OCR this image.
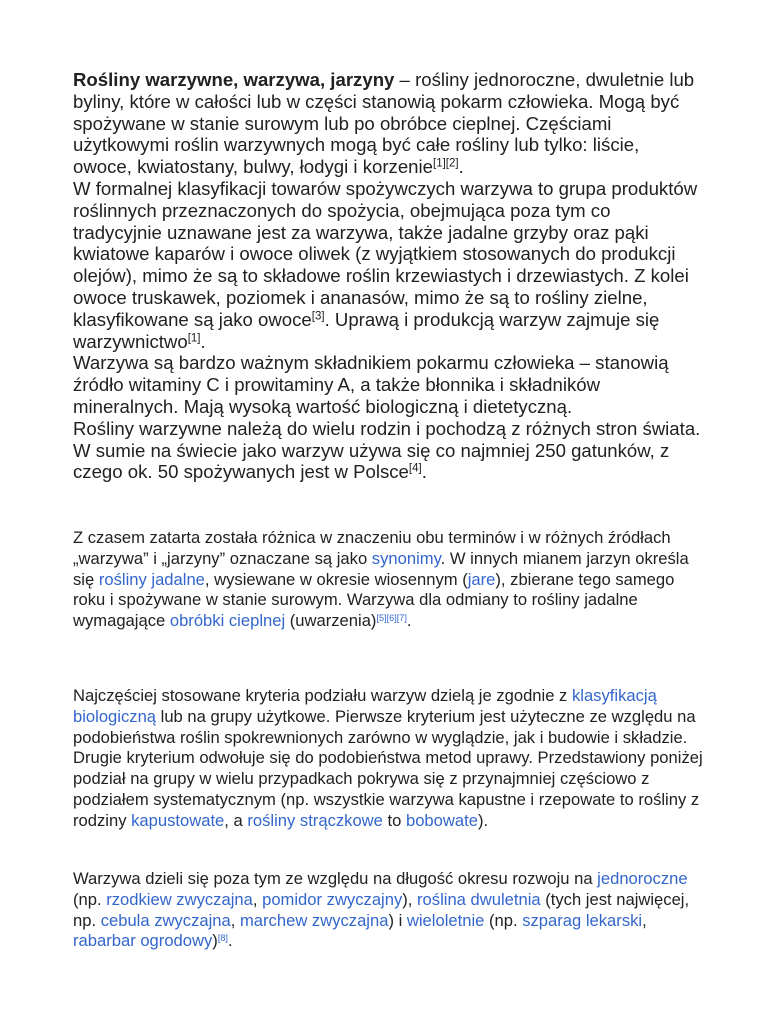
Rośliny warzywne, warzywa, jarzyny – rośliny jednoroczne, dwuletnie lub byliny, które w całości lub w części stanowią pokarm człowieka. Mogą być spożywane w stanie surowym lub po obróbce cieplnej. Częściami użytkowymi roślin warzywnych mogą być całe rośliny lub tylko: liście, owoce, kwiatostany, bulwy, łodygi i korzenie[1][2].
W formalnej klasyfikacji towarów spożywczych warzywa to grupa produktów roślinnych przeznaczonych do spożycia, obejmująca poza tym co tradycyjnie uznawane jest za warzywa, także jadalne grzyby oraz pąki kwiatowe kaparów i owoce oliwek (z wyjątkiem stosowanych do produkcji olejów), mimo że są to składowe roślin krzewiastych i drzewiastych. Z kolei owoce truskawek, poziomek i ananasów, mimo że są to rośliny zielne, klasyfikowane są jako owoce[3]. Uprawą i produkcją warzyw zajmuje się warzywnictwo[1].
Warzywa są bardzo ważnym składnikiem pokarmu człowieka – stanowią źródło witaminy C i prowitaminy A, a także błonnika i składników mineralnych. Mają wysoką wartość biologiczną i dietetyczną.
Rośliny warzywne należą do wielu rodzin i pochodzą z różnych stron świata. W sumie na świecie jako warzyw używa się co najmniej 250 gatunków, z czego ok. 50 spożywanych jest w Polsce[4].

Z czasem zatarta została różnica w znaczeniu obu terminów i w różnych źródłach „warzywa” i „jarzyny” oznaczane są jako synonimy. W innych mianem jarzyn określa się rośliny jadalne, wysiewane w okresie wiosennym (jare), zbierane tego samego roku i spożywane w stanie surowym. Warzywa dla odmiany to rośliny jadalne wymagające obróbki cieplnej (uwarzenia)[5][6][7].

Najczęściej stosowane kryteria podziału warzyw dzielą je zgodnie z klasyfikacją biologiczną lub na grupy użytkowe. Pierwsze kryterium jest użyteczne ze względu na podobieństwa roślin spokrewnionych zarówno w wyglądzie, jak i budowie i składzie. Drugie kryterium odwołuje się do podobieństwa metod uprawy. Przedstawiony poniżej podział na grupy w wielu przypadkach pokrywa się z przynajmniej częściowo z podziałem systematycznym (np. wszystkie warzywa kapustne i rzepowate to rośliny z rodziny kapustowate, a rośliny strączkowe to bobowate).

Warzywa dzieli się poza tym ze względu na długość okresu rozwoju na jednoroczne (np. rzodkiew zwyczajna, pomidor zwyczajny), roślina dwuletnia (tych jest najwięcej, np. cebula zwyczajna, marchew zwyczajna) i wieloletnie (np. szparag lekarski, rabarbar ogrodowy)[8].
